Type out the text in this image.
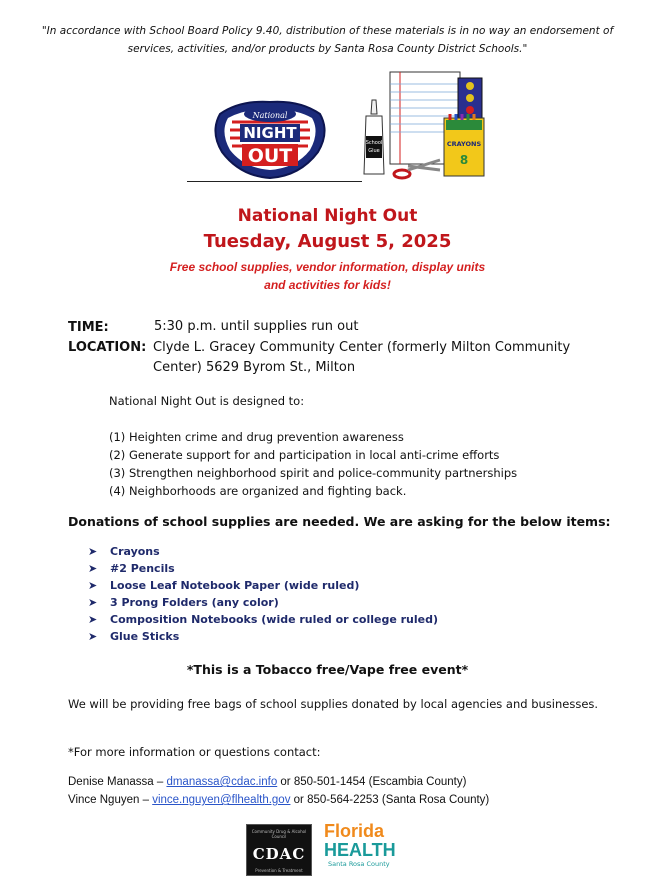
"In accordance with School Board Policy 9.40, distribution of these materials is in no way an endorsement of services, activities, and/or products by Santa Rosa County District Schools."
National
NIGHT
OUT
School
Glue
CRAYONS
8
National Night Out
Tuesday, August 5, 2025
Free school supplies, vendor information, display units
and activities for kids!
TIME:	5:30 p.m. until supplies run out
LOCATION: Clyde L. Gracey Community Center (formerly Milton Community
Center) 5629 Byrom St., Milton
National Night Out is designed to:
(1) Heighten crime and drug prevention awareness
(2) Generate support for and participation in local anti-crime efforts
(3) Strengthen neighborhood spirit and police-community partnerships
(4) Neighborhoods are organized and fighting back.
Donations of school supplies are needed. We are asking for the below items:
➤	Crayons
➤	#2 Pencils
➤	Loose Leaf Notebook Paper (wide ruled)
➤	3 Prong Folders (any color)
➤	Composition Notebooks (wide ruled or college ruled)
➤	Glue Sticks
*This is a Tobacco free/Vape free event*
We will be providing free bags of school supplies donated by local agencies and businesses.
*For more information or questions contact:
Denise Manassa – dmanassa@cdac.info or 850-501-1454 (Escambia County)
Vince Nguyen – vince.nguyen@flhealth.gov or 850-564-2253 (Santa Rosa County)
Community Drug & Alcohol Council
CDAC
Prevention & Treatment
Florida
HEALTH
Santa Rosa County
